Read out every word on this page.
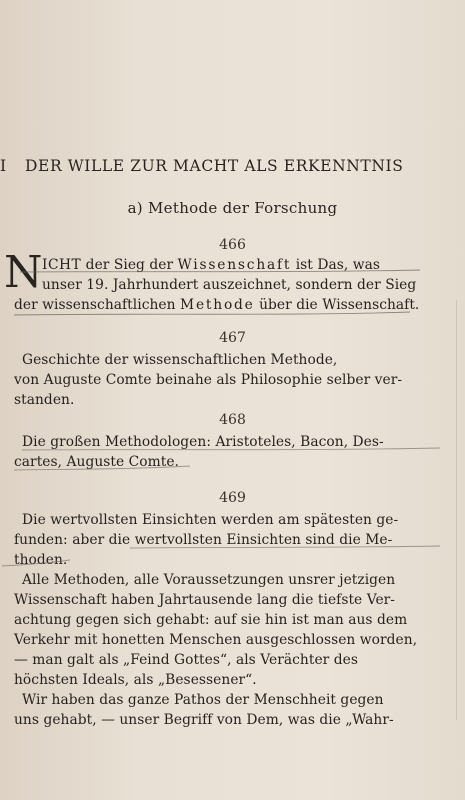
I DER WILLE ZUR MACHT ALS ERKENNTNIS
a) Methode der Forschung
466
N ICHT der Sieg der Wissenschaft ist Das, was
unser 19. Jahrhundert auszeichnet, sondern der Sieg
der wissenschaftlichen Methode über die Wissenschaft.
467
Geschichte der wissenschaftlichen Methode,
von Auguste Comte beinahe als Philosophie selber ver-
standen.
468
Die großen Methodologen: Aristoteles, Bacon, Des-
cartes, Auguste Comte.
469
Die wertvollsten Einsichten werden am spätesten ge-
funden: aber die wertvollsten Einsichten sind die Me-
thoden.
Alle Methoden, alle Voraussetzungen unsrer jetzigen
Wissenschaft haben Jahrtausende lang die tiefste Ver-
achtung gegen sich gehabt: auf sie hin ist man aus dem
Verkehr mit honetten Menschen ausgeschlossen worden,
— man galt als „Feind Gottes“, als Verächter des
höchsten Ideals, als „Besessener“.
Wir haben das ganze Pathos der Menschheit gegen
uns gehabt, — unser Begriff von Dem, was die „Wahr-
